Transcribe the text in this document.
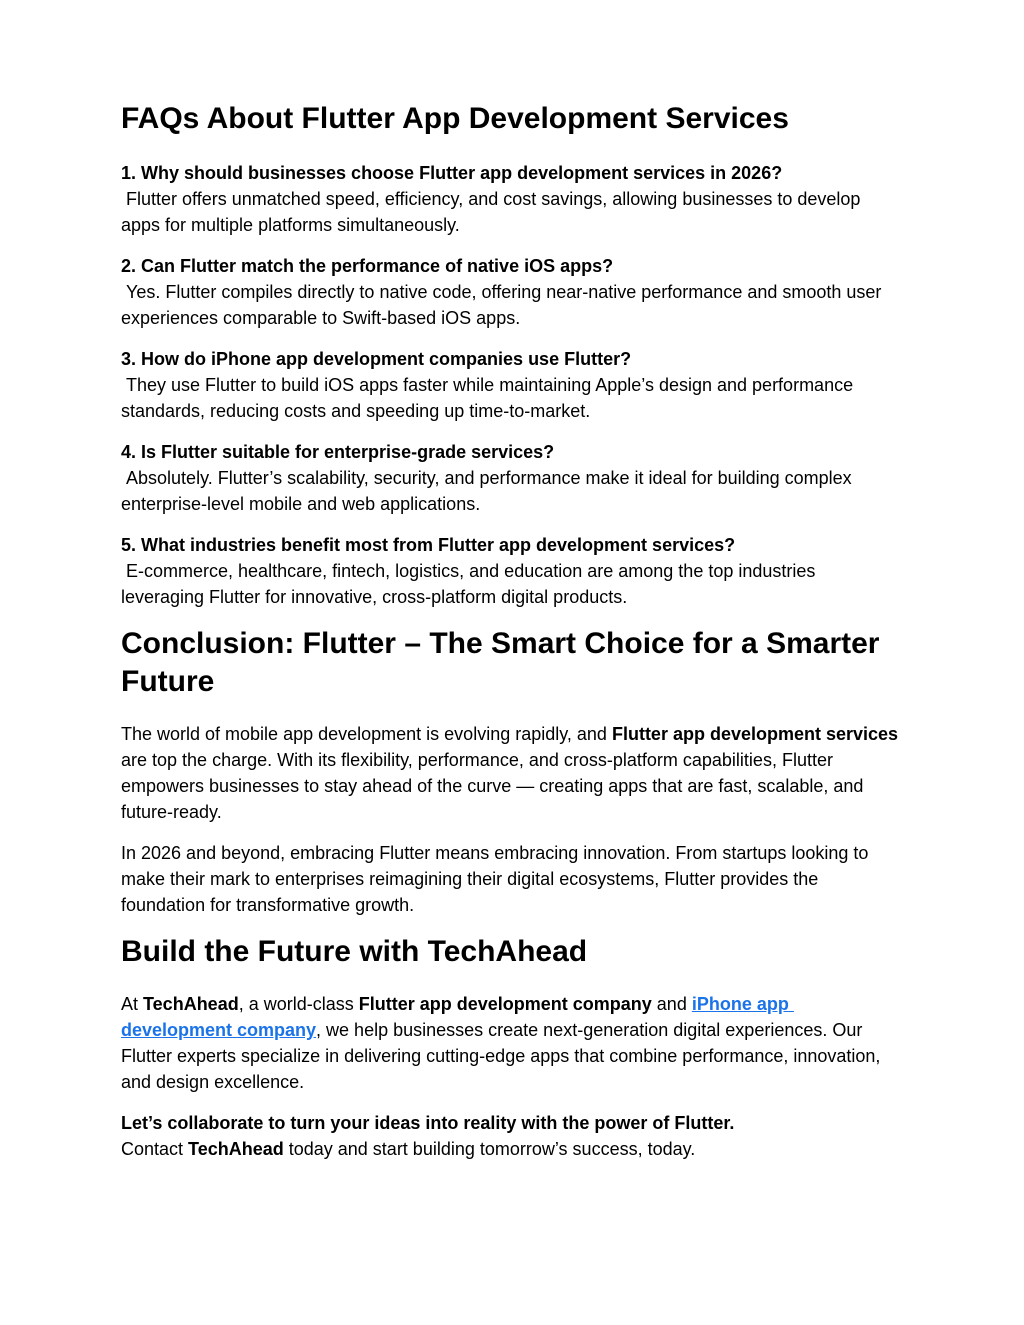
FAQs About Flutter App Development Services

1. Why should businesses choose Flutter app development services in 2026?

Flutter offers unmatched speed, efficiency, and cost savings, allowing businesses to develop apps for multiple platforms simultaneously.

2. Can Flutter match the performance of native iOS apps?

Yes. Flutter compiles directly to native code, offering near-native performance and smooth user experiences comparable to Swift-based iOS apps.

3. How do iPhone app development companies use Flutter?

They use Flutter to build iOS apps faster while maintaining Apple’s design and performance standards, reducing costs and speeding up time-to-market.

4. Is Flutter suitable for enterprise-grade services?

Absolutely. Flutter’s scalability, security, and performance make it ideal for building complex enterprise-level mobile and web applications.

5. What industries benefit most from Flutter app development services?

E-commerce, healthcare, fintech, logistics, and education are among the top industries leveraging Flutter for innovative, cross-platform digital products.

Conclusion: Flutter – The Smart Choice for a Smarter Future

The world of mobile app development is evolving rapidly, and Flutter app development services are top the charge. With its flexibility, performance, and cross-platform capabilities, Flutter empowers businesses to stay ahead of the curve — creating apps that are fast, scalable, and future-ready.

In 2026 and beyond, embracing Flutter means embracing innovation. From startups looking to make their mark to enterprises reimagining their digital ecosystems, Flutter provides the foundation for transformative growth.

Build the Future with TechAhead

At TechAhead, a world-class Flutter app development company and iPhone app development company, we help businesses create next-generation digital experiences. Our Flutter experts specialize in delivering cutting-edge apps that combine performance, innovation, and design excellence.

Let’s collaborate to turn your ideas into reality with the power of Flutter.

Contact TechAhead today and start building tomorrow’s success, today.
